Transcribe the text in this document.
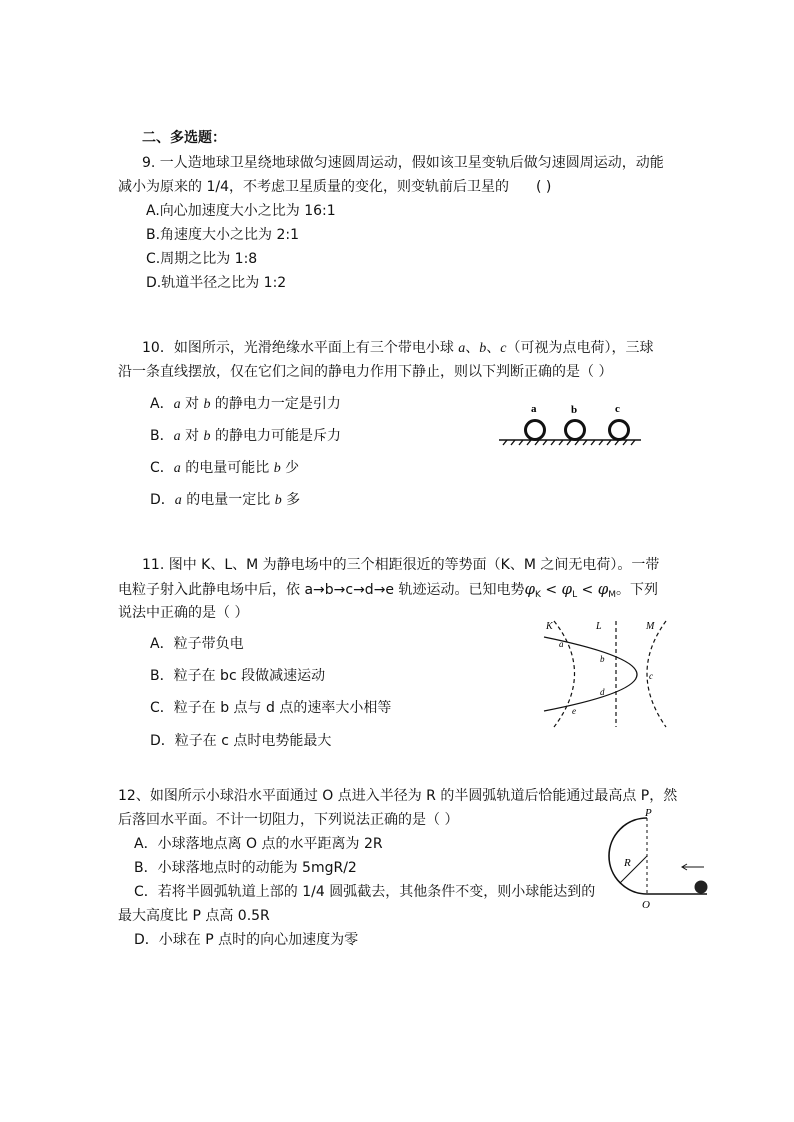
二、多选题：
9. 一人造地球卫星绕地球做匀速圆周运动，假如该卫星变轨后做匀速圆周运动，动能
减小为原来的 1/4，不考虑卫星质量的变化，则变轨前后卫星的 ( )
A.向心加速度大小之比为 16:1
B.角速度大小之比为 2:1
C.周期之比为 1:8
D.轨道半径之比为 1:2
10．如图所示，光滑绝缘水平面上有三个带电小球 a、b、c（可视为点电荷），三球
沿一条直线摆放，仅在它们之间的静电力作用下静止，则以下判断正确的是（ ）
A．a 对 b 的静电力一定是引力
B．a 对 b 的静电力可能是斥力
C．a 的电量可能比 b 少
D．a 的电量一定比 b 多
a	b	c
11. 图中 K、L、M 为静电场中的三个相距很近的等势面（K、M 之间无电荷）。一带
电粒子射入此静电场中后，依 a→b→c→d→e 轨迹运动。已知电势$\varphi_K < \varphi_L < \varphi_M$。下列
说法中正确的是（ ）
A．粒子带负电
B．粒子在 bc 段做减速运动
C．粒子在 b 点与 d 点的速率大小相等
D．粒子在 c 点时电势能最大
K	L	M
a
b
c
d
e
12、如图所示小球沿水平面通过 O 点进入半径为 R 的半圆弧轨道后恰能通过最高点 P，然
后落回水平面。不计一切阻力，下列说法正确的是（ ）
A．小球落地点离 O 点的水平距离为 2R
B．小球落地点时的动能为 5mgR/2
C．若将半圆弧轨道上部的 1/4 圆弧截去，其他条件不变，则小球能达到的
最大高度比 P 点高 0.5R
D．小球在 P 点时的向心加速度为零
P
R
O
